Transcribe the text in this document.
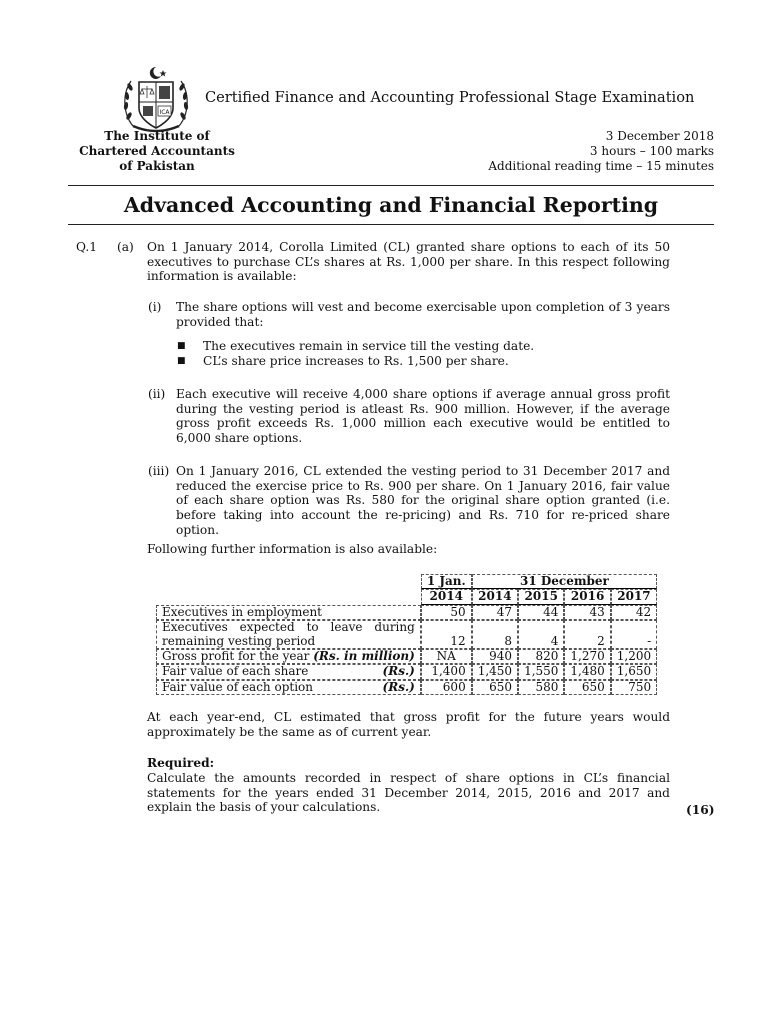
ICA
Certified Finance and Accounting Professional Stage Examination
The Institute of
Chartered Accountants
of Pakistan
3 December 2018
3 hours – 100 marks
Additional reading time – 15 minutes
Advanced Accounting and Financial Reporting
Q.1 (a) On 1 January 2014, Corolla Limited (CL) granted share options to each of its 50 executives to purchase CL’s shares at Rs. 1,000 per share. In this respect following information is available:
(i) The share options will vest and become exercisable upon completion of 3 years provided that:
■ The executives remain in service till the vesting date.
■ CL’s share price increases to Rs. 1,500 per share.
(ii) Each executive will receive 4,000 share options if average annual gross profit during the vesting period is atleast Rs. 900 million. However, if the average gross profit exceeds Rs. 1,000 million each executive would be entitled to 6,000 share options.
(iii) On 1 January 2016, CL extended the vesting period to 31 December 2017 and reduced the exercise price to Rs. 900 per share. On 1 January 2016, fair value of each share option was Rs. 580 for the original share option granted (i.e. before taking into account the re-pricing) and Rs. 710 for re-priced share option.
Following further information is also available:
	1 Jan.	31 December			
	2014	2014	2015	2016	2017
Executives in employment	50	47	44	43	42
Executives expected to leave during remaining vesting period	12	8	4	2	-
Gross profit for the year (Rs. in million)	NA	940	820	1,270	1,200
Fair value of each share (Rs.)	1,400	1,450	1,550	1,480	1,650
Fair value of each option (Rs.)	600	650	580	650	750
At each year-end, CL estimated that gross profit for the future years would approximately be the same as of current year.
Required:
Calculate the amounts recorded in respect of share options in CL’s financial statements for the years ended 31 December 2014, 2015, 2016 and 2017 and explain the basis of your calculations.	(16)
